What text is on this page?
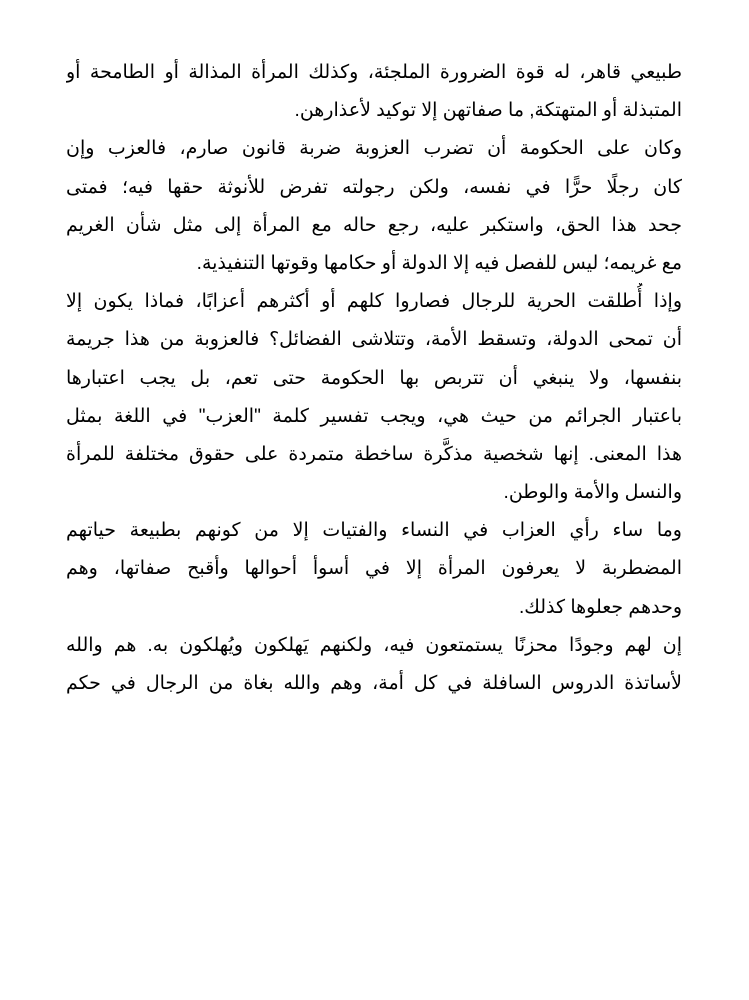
طبيعي قاهر، له قوة الضرورة الملجئة، وكذلك المرأة المذالة أو الطامحة أو
المتبذلة أو المتهتكة, ما صفاتهن إلا توكيد لأعذارهن.
وكان على الحكومة أن تضرب العزوبة ضربة قانون صارم، فالعزب وإن
كان رجلًا حرًّا في نفسه، ولكن رجولته تفرض للأنوثة حقها فيه؛ فمتى
جحد هذا الحق، واستكبر عليه، رجع حاله مع المرأة إلى مثل شأن الغريم
مع غريمه؛ ليس للفصل فيه إلا الدولة أو حكامها وقوتها التنفيذية.
وإذا أُطلقت الحرية للرجال فصاروا كلهم أو أكثرهم أعزابًا، فماذا يكون إلا
أن تمحى الدولة، وتسقط الأمة، وتتلاشى الفضائل؟ فالعزوبة من هذا جريمة
بنفسها، ولا ينبغي أن تتربص بها الحكومة حتى تعم، بل يجب اعتبارها
باعتبار الجرائم من حيث هي، ويجب تفسير كلمة "العزب" في اللغة بمثل
هذا المعنى. إنها شخصية مذكَّرة ساخطة متمردة على حقوق مختلفة للمرأة
والنسل والأمة والوطن.
وما ساء رأي العزاب في النساء والفتيات إلا من كونهم بطبيعة حياتهم
المضطربة لا يعرفون المرأة إلا في أسوأ أحوالها وأقبح صفاتها، وهم
وحدهم جعلوها كذلك.
إن لهم وجودًا محزنًا يستمتعون فيه، ولكنهم يَهلكون ويُهلكون به. هم والله
لأساتذة الدروس السافلة في كل أمة، وهم والله بغاة من الرجال في حكم
